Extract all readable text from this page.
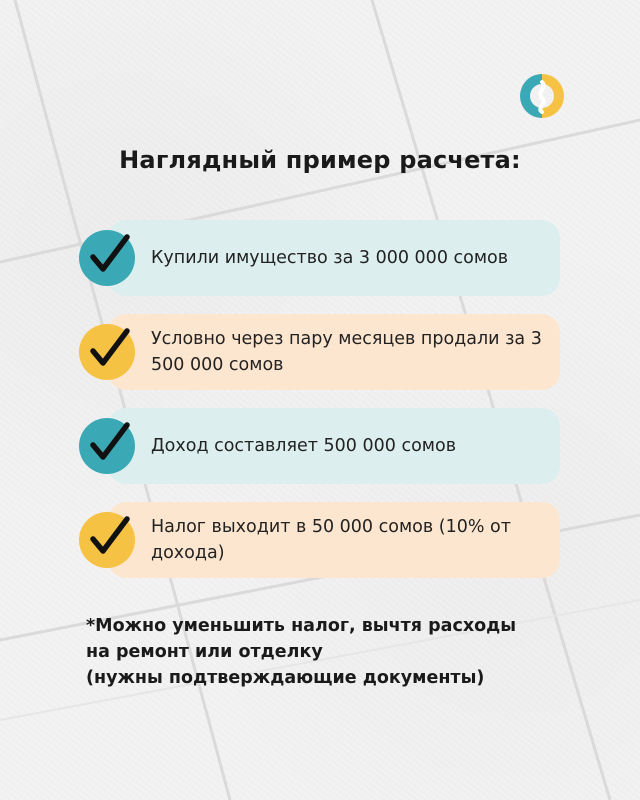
Наглядный пример расчета:
Купили имущество за 3 000 000 сомов
Условно через пару месяцев продали за 3 500 000 сомов
Доход составляет 500 000 сомов
Налог выходит в 50 000 сомов (10% от дохода)
*Можно уменьшить налог, вычтя расходы
на ремонт или отделку
(нужны подтверждающие документы)
